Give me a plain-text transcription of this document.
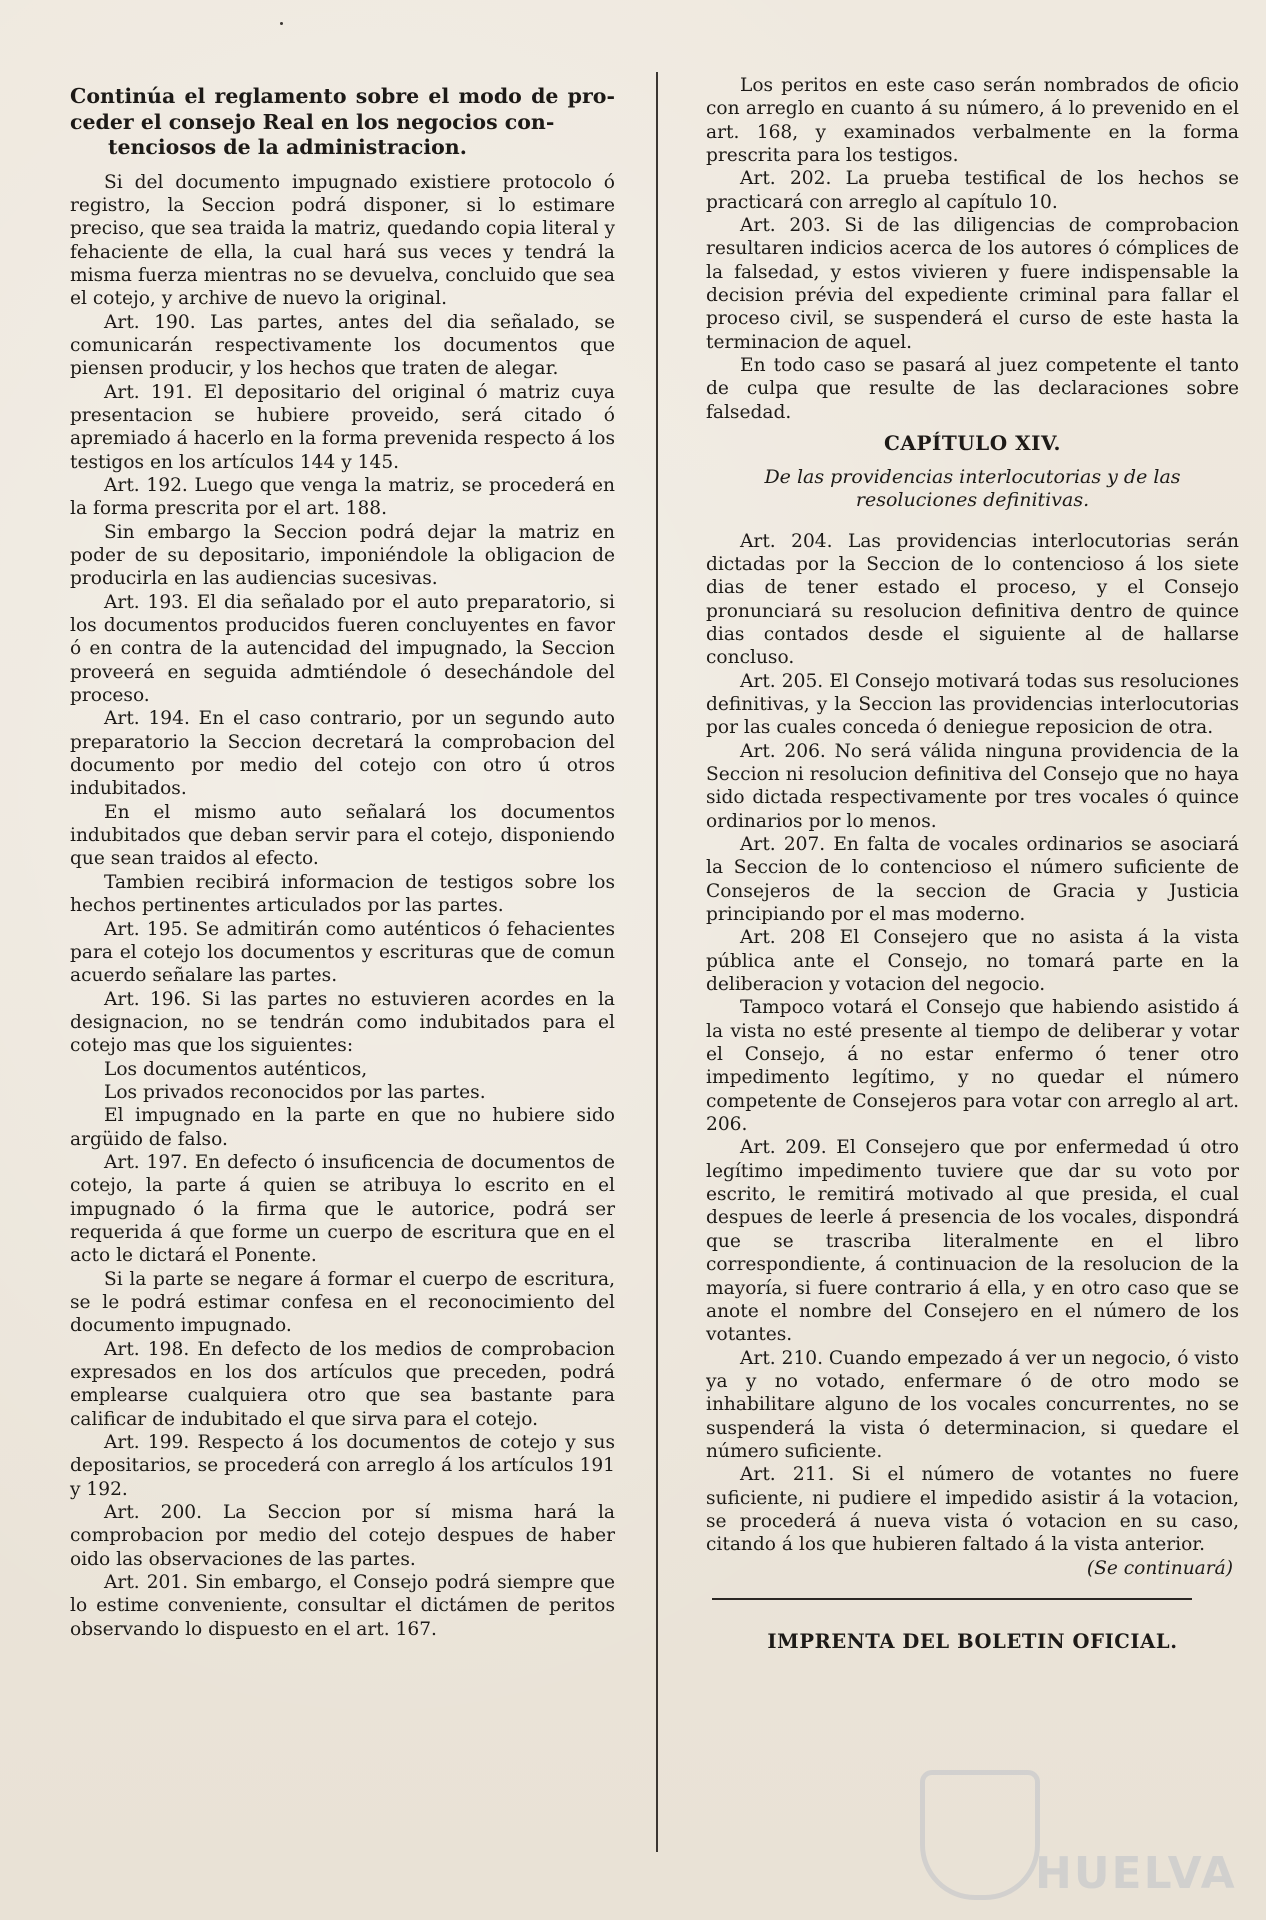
Continúa el reglamento sobre el modo de pro- ceder el consejo Real en los negocios con-
tenciosos de la administracion.

Si del documento impugnado existiere protocolo ó registro, la Seccion podrá disponer, si lo estimare preciso, que sea traida la matriz, quedando copia literal y fehaciente de ella, la cual hará sus veces y tendrá la misma fuerza mientras no se devuelva, concluido que sea el cotejo, y archive de nuevo la original.

Art. 190. Las partes, antes del dia señalado, se comunicarán respectivamente los documentos que piensen producir, y los hechos que traten de alegar.

Art. 191. El depositario del original ó matriz cuya presentacion se hubiere proveido, será citado ó apremiado á hacerlo en la forma prevenida respecto á los testigos en los artículos 144 y 145.

Art. 192. Luego que venga la matriz, se procederá en la forma prescrita por el art. 188.

Sin embargo la Seccion podrá dejar la matriz en poder de su depositario, imponiéndole la obligacion de producirla en las audiencias sucesivas.

Art. 193. El dia señalado por el auto preparatorio, si los documentos producidos fueren concluyentes en favor ó en contra de la autencidad del impugnado, la Seccion proveerá en seguida admtiéndole ó desechándole del proceso.

Art. 194. En el caso contrario, por un segundo auto preparatorio la Seccion decretará la comprobacion del documento por medio del cotejo con otro ú otros indubitados.

En el mismo auto señalará los documentos indubitados que deban servir para el cotejo, disponiendo que sean traidos al efecto.

Tambien recibirá informacion de testigos sobre los hechos pertinentes articulados por las partes.

Art. 195. Se admitirán como auténticos ó fehacientes para el cotejo los documentos y escrituras que de comun acuerdo señalare las partes.

Art. 196. Si las partes no estuvieren acordes en la designacion, no se tendrán como indubitados para el cotejo mas que los siguientes:

Los documentos auténticos,

Los privados reconocidos por las partes.

El impugnado en la parte en que no hubiere sido argüido de falso.

Art. 197. En defecto ó insuficencia de documentos de cotejo, la parte á quien se atribuya lo escrito en el impugnado ó la firma que le autorice, podrá ser requerida á que forme un cuerpo de escritura que en el acto le dictará el Ponente.

Si la parte se negare á formar el cuerpo de escritura, se le podrá estimar confesa en el reconocimiento del documento impugnado.

Art. 198. En defecto de los medios de comprobacion expresados en los dos artículos que preceden, podrá emplearse cualquiera otro que sea bastante para calificar de indubitado el que sirva para el cotejo.

Art. 199. Respecto á los documentos de cotejo y sus depositarios, se procederá con arreglo á los artículos 191 y 192.

Art. 200. La Seccion por sí misma hará la comprobacion por medio del cotejo despues de haber oido las observaciones de las partes.

Art. 201. Sin embargo, el Consejo podrá siempre que lo estime conveniente, consultar el dictámen de peritos observando lo dispuesto en el art. 167.

Los peritos en este caso serán nombrados de oficio con arreglo en cuanto á su número, á lo prevenido en el art. 168, y examinados verbalmente en la forma prescrita para los testigos.

Art. 202. La prueba testifical de los hechos se practicará con arreglo al capítulo 10.

Art. 203. Si de las diligencias de comprobacion resultaren indicios acerca de los autores ó cómplices de la falsedad, y estos vivieren y fuere indispensable la decision prévia del expediente criminal para fallar el proceso civil, se suspenderá el curso de este hasta la terminacion de aquel.

En todo caso se pasará al juez competente el tanto de culpa que resulte de las declaraciones sobre falsedad.

CAPÍTULO XIV.
De las providencias interlocutorias y de las resoluciones definitivas.

Art. 204. Las providencias interlocutorias serán dictadas por la Seccion de lo contencioso á los siete dias de tener estado el proceso, y el Consejo pronunciará su resolucion definitiva dentro de quince dias contados desde el siguiente al de hallarse concluso.

Art. 205. El Consejo motivará todas sus resoluciones definitivas, y la Seccion las providencias interlocutorias por las cuales conceda ó deniegue reposicion de otra.

Art. 206. No será válida ninguna providencia de la Seccion ni resolucion definitiva del Consejo que no haya sido dictada respectivamente por tres vocales ó quince ordinarios por lo menos.

Art. 207. En falta de vocales ordinarios se asociará la Seccion de lo contencioso el número suficiente de Consejeros de la seccion de Gracia y Justicia principiando por el mas moderno.

Art. 208 El Consejero que no asista á la vista pública ante el Consejo, no tomará parte en la deliberacion y votacion del negocio.

Tampoco votará el Consejo que habiendo asistido á la vista no esté presente al tiempo de deliberar y votar el Consejo, á no estar enfermo ó tener otro impedimento legítimo, y no quedar el número competente de Consejeros para votar con arreglo al art. 206.

Art. 209. El Consejero que por enfermedad ú otro legítimo impedimento tuviere que dar su voto por escrito, le remitirá motivado al que presida, el cual despues de leerle á presencia de los vocales, dispondrá que se trascriba literalmente en el libro correspondiente, á continuacion de la resolucion de la mayoría, si fuere contrario á ella, y en otro caso que se anote el nombre del Consejero en el número de los votantes.

Art. 210. Cuando empezado á ver un negocio, ó visto ya y no votado, enfermare ó de otro modo se inhabilitare alguno de los vocales concurrentes, no se suspenderá la vista ó determinacion, si quedare el número suficiente.

Art. 211. Si el número de votantes no fuere suficiente, ni pudiere el impedido asistir á la votacion, se procederá á nueva vista ó votacion en su caso, citando á los que hubieren faltado á la vista anterior.

(Se continuará)

IMPRENTA DEL BOLETIN OFICIAL.
HUELVA
